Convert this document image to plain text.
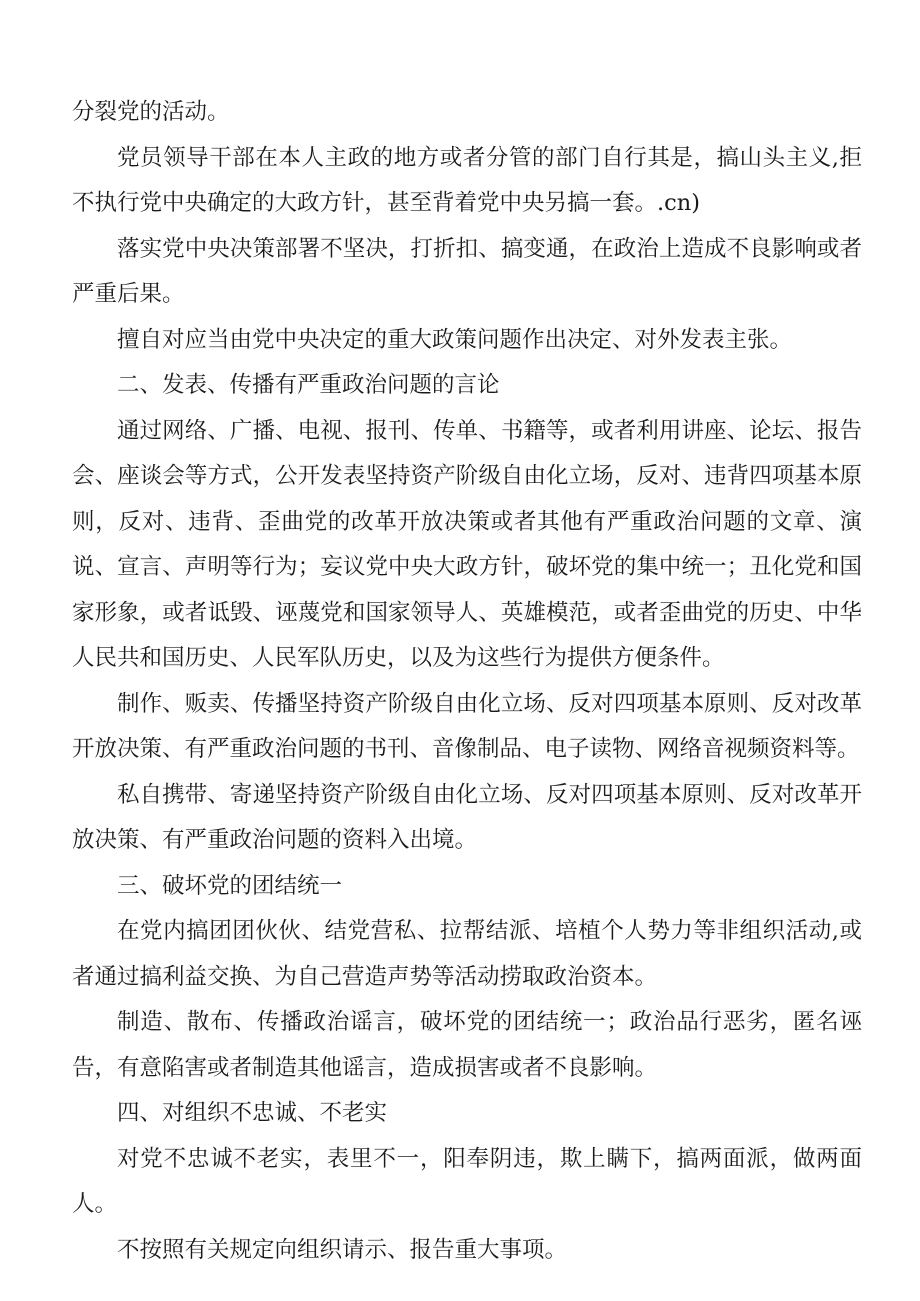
分裂党的活动。

党员领导干部在本人主政的地方或者分管的部门自行其是，搞山头主义,拒不执行党中央确定的大政方针，甚至背着党中央另搞一套。.cn)

落实党中央决策部署不坚决，打折扣、搞变通，在政治上造成不良影响或者严重后果。

擅自对应当由党中央决定的重大政策问题作出决定、对外发表主张。

二、发表、传播有严重政治问题的言论

通过网络、广播、电视、报刊、传单、书籍等，或者利用讲座、论坛、报告会、座谈会等方式，公开发表坚持资产阶级自由化立场，反对、违背四项基本原则，反对、违背、歪曲党的改革开放决策或者其他有严重政治问题的文章、演说、宣言、声明等行为；妄议党中央大政方针，破坏党的集中统一；丑化党和国家形象，或者诋毁、诬蔑党和国家领导人、英雄模范，或者歪曲党的历史、中华人民共和国历史、人民军队历史，以及为这些行为提供方便条件。

制作、贩卖、传播坚持资产阶级自由化立场、反对四项基本原则、反对改革开放决策、有严重政治问题的书刊、音像制品、电子读物、网络音视频资料等。

私自携带、寄递坚持资产阶级自由化立场、反对四项基本原则、反对改革开放决策、有严重政治问题的资料入出境。

三、破坏党的团结统一

在党内搞团团伙伙、结党营私、拉帮结派、培植个人势力等非组织活动,或者通过搞利益交换、为自己营造声势等活动捞取政治资本。

制造、散布、传播政治谣言，破坏党的团结统一；政治品行恶劣，匿名诬告，有意陷害或者制造其他谣言，造成损害或者不良影响。

四、对组织不忠诚、不老实

对党不忠诚不老实，表里不一，阳奉阴违，欺上瞒下，搞两面派，做两面人。

不按照有关规定向组织请示、报告重大事项。
